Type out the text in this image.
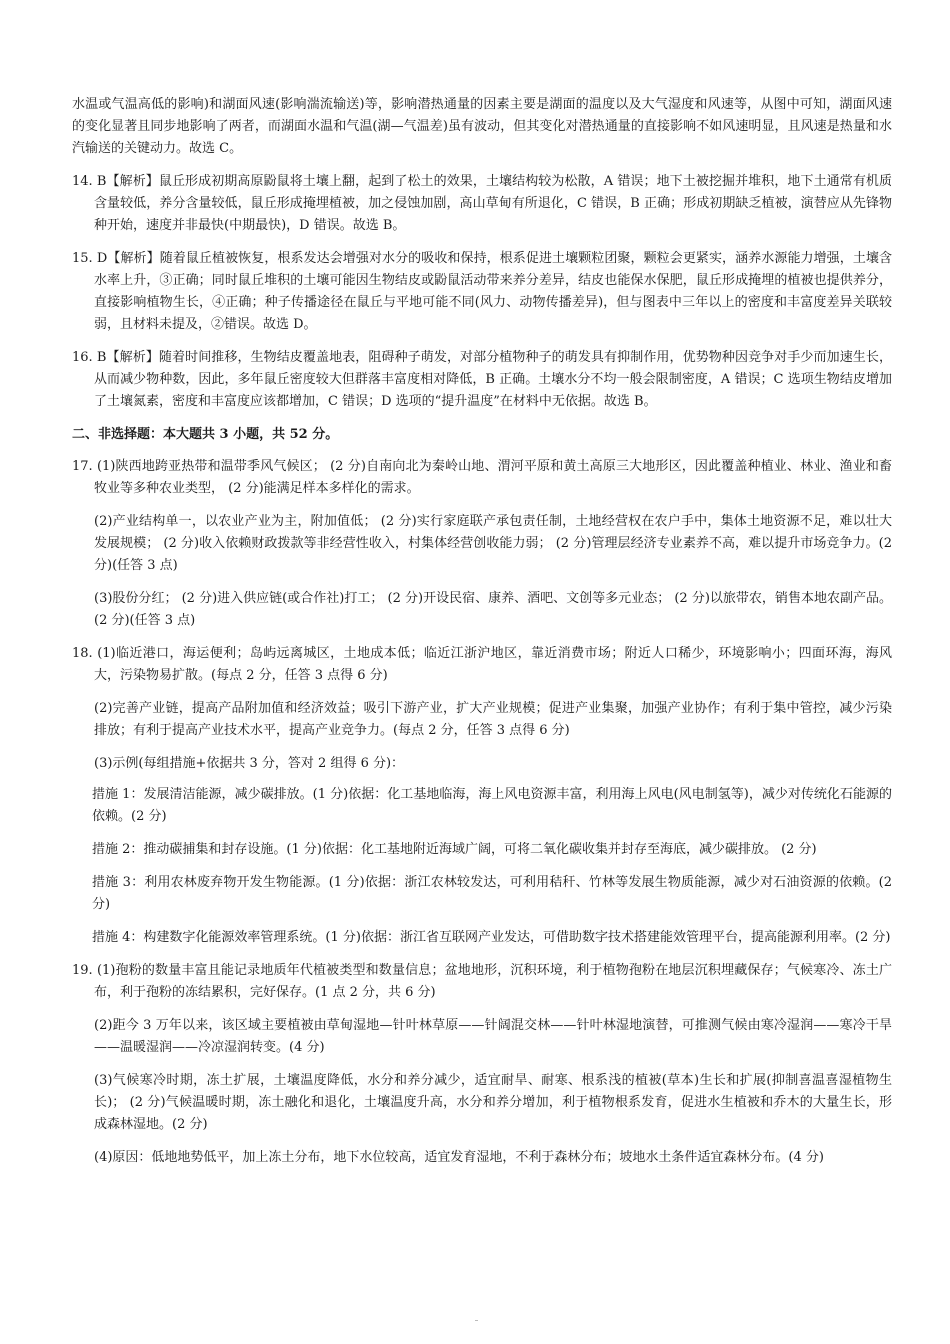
水温或气温高低的影响)和湖面风速(影响湍流输送)等，影响潜热通量的因素主要是湖面的温度以及大气湿度和风速等，从图中可知，湖面风速的变化显著且同步地影响了两者，而湖面水温和气温(湖—气温差)虽有波动，但其变化对潜热通量的直接影响不如风速明显，且风速是热量和水汽输送的关键动力。故选 C。

14. B【解析】鼠丘形成初期高原鼢鼠将土壤上翻，起到了松土的效果，土壤结构较为松散，A 错误；地下土被挖掘并堆积，地下土通常有机质含量较低，养分含量较低，鼠丘形成掩埋植被，加之侵蚀加剧，高山草甸有所退化，C 错误，B 正确；形成初期缺乏植被，演替应从先锋物种开始，速度并非最快(中期最快)，D 错误。故选 B。

15. D【解析】随着鼠丘植被恢复，根系发达会增强对水分的吸收和保持，根系促进土壤颗粒团聚，颗粒会更紧实，涵养水源能力增强，土壤含水率上升，③正确；同时鼠丘堆积的土壤可能因生物结皮或鼢鼠活动带来养分差异，结皮也能保水保肥，鼠丘形成掩埋的植被也提供养分，直接影响植物生长，④正确；种子传播途径在鼠丘与平地可能不同(风力、动物传播差异)，但与图表中三年以上的密度和丰富度差异关联较弱，且材料未提及，②错误。故选 D。

16. B【解析】随着时间推移，生物结皮覆盖地表，阻碍种子萌发，对部分植物种子的萌发具有抑制作用，优势物种因竞争对手少而加速生长，从而减少物种数，因此，多年鼠丘密度较大但群落丰富度相对降低，B 正确。土壤水分不均一般会限制密度，A 错误；C 选项生物结皮增加了土壤氮素，密度和丰富度应该都增加，C 错误；D 选项的“提升温度”在材料中无依据。故选 B。

二、非选择题：本大题共 3 小题，共 52 分。

17. (1)陕西地跨亚热带和温带季风气候区； (2 分)自南向北为秦岭山地、渭河平原和黄土高原三大地形区，因此覆盖种植业、林业、渔业和畜牧业等多种农业类型， (2 分)能满足样本多样化的需求。

(2)产业结构单一，以农业产业为主，附加值低； (2 分)实行家庭联产承包责任制，土地经营权在农户手中，集体土地资源不足，难以壮大发展规模； (2 分)收入依赖财政拨款等非经营性收入，村集体经营创收能力弱； (2 分)管理层经济专业素养不高，难以提升市场竞争力。(2 分)(任答 3 点)

(3)股份分红； (2 分)进入供应链(或合作社)打工； (2 分)开设民宿、康养、酒吧、文创等多元业态； (2 分)以旅带农，销售本地农副产品。(2 分)(任答 3 点)

18. (1)临近港口，海运便利；岛屿远离城区，土地成本低；临近江浙沪地区，靠近消费市场；附近人口稀少，环境影响小；四面环海，海风大，污染物易扩散。(每点 2 分，任答 3 点得 6 分)

(2)完善产业链，提高产品附加值和经济效益；吸引下游产业，扩大产业规模；促进产业集聚，加强产业协作；有利于集中管控，减少污染排放；有利于提高产业技术水平，提高产业竞争力。(每点 2 分，任答 3 点得 6 分)

(3)示例(每组措施+依据共 3 分，答对 2 组得 6 分)：

措施 1：发展清洁能源，减少碳排放。(1 分)依据：化工基地临海，海上风电资源丰富，利用海上风电(风电制氢等)，减少对传统化石能源的依赖。(2 分)

措施 2：推动碳捕集和封存设施。(1 分)依据：化工基地附近海域广阔，可将二氧化碳收集并封存至海底，减少碳排放。 (2 分)

措施 3：利用农林废弃物开发生物能源。(1 分)依据：浙江农林较发达，可利用秸秆、竹林等发展生物质能源，减少对石油资源的依赖。(2 分)

措施 4：构建数字化能源效率管理系统。(1 分)依据：浙江省互联网产业发达，可借助数字技术搭建能效管理平台，提高能源利用率。(2 分)

19. (1)孢粉的数量丰富且能记录地质年代植被类型和数量信息；盆地地形，沉积环境，利于植物孢粉在地层沉积埋藏保存；气候寒冷、冻土广布，利于孢粉的冻结累积，完好保存。(1 点 2 分，共 6 分)

(2)距今 3 万年以来，该区域主要植被由草甸湿地—针叶林草原——针阔混交林——针叶林湿地演替，可推测气候由寒冷湿润——寒冷干旱——温暖湿润——冷凉湿润转变。(4 分)

(3)气候寒冷时期，冻土扩展，土壤温度降低，水分和养分减少，适宜耐旱、耐寒、根系浅的植被(草本)生长和扩展(抑制喜温喜湿植物生长)； (2 分)气候温暖时期，冻土融化和退化，土壤温度升高，水分和养分增加，利于植物根系发育，促进水生植被和乔木的大量生长，形成森林湿地。(2 分)

(4)原因：低地地势低平，加上冻土分布，地下水位较高，适宜发育湿地，不利于森林分布；坡地水土条件适宜森林分布。(4 分)
